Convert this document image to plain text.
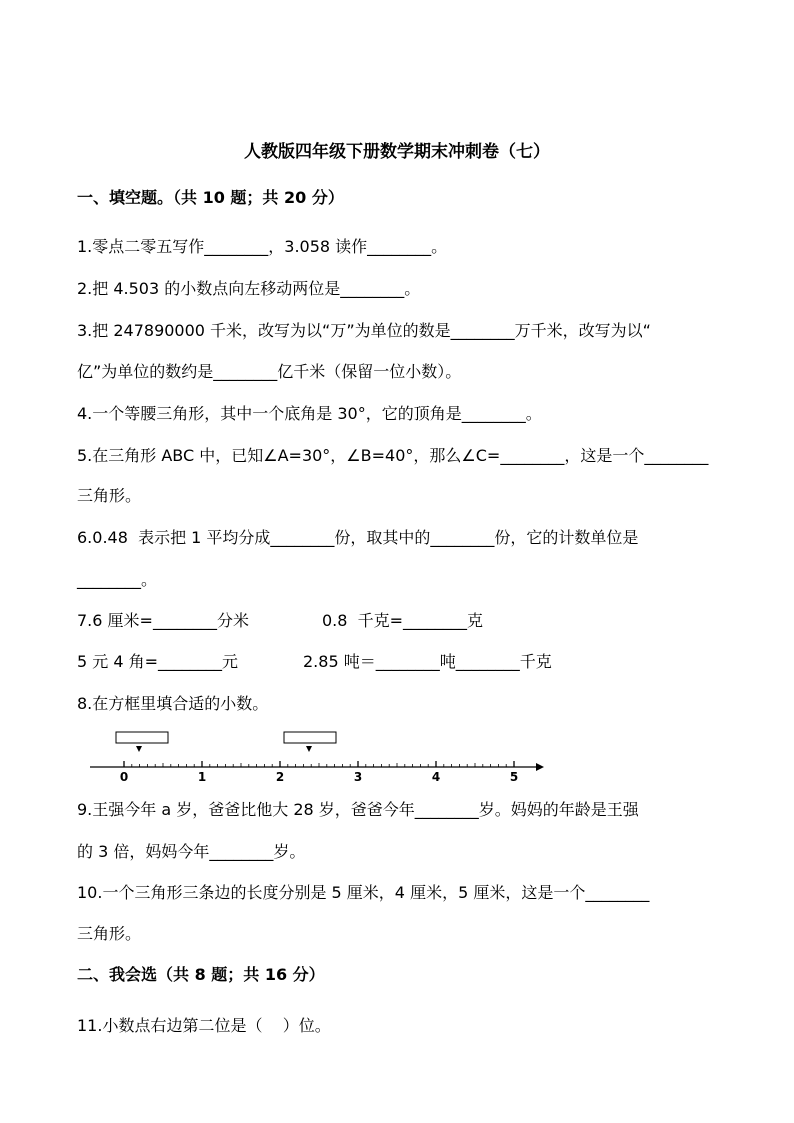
人教版四年级下册数学期末冲刺卷（七）
一、填空题。（共 10 题；共 20 分）
1.零点二零五写作________，3.058 读作________。
2.把 4.503 的小数点向左移动两位是________。
3.把 247890000 千米，改写为以“万”为单位的数是________万千米，改写为以“
亿”为单位的数约是________亿千米（保留一位小数）。
4.一个等腰三角形，其中一个底角是 30°，它的顶角是________。
5.在三角形 ABC 中，已知∠A=30°，∠B=40°，那么∠C=________，这是一个________
三角形。
6.0.48  表示把 1 平均分成________份，取其中的________份，它的计数单位是
________。
7.6 厘米=________分米	0.8  千克=________克
5 元 4 角=________元	2.85 吨＝________吨________千克
8.在方框里填合适的小数。
0	1	2	3	4	5
9.王强今年 a 岁，爸爸比他大 28 岁，爸爸今年________岁。妈妈的年龄是王强
的 3 倍，妈妈今年________岁。
10.一个三角形三条边的长度分别是 5 厘米，4 厘米，5 厘米，这是一个________
三角形。
二、我会选（共 8 题；共 16 分）
11.小数点右边第二位是（    ）位。
